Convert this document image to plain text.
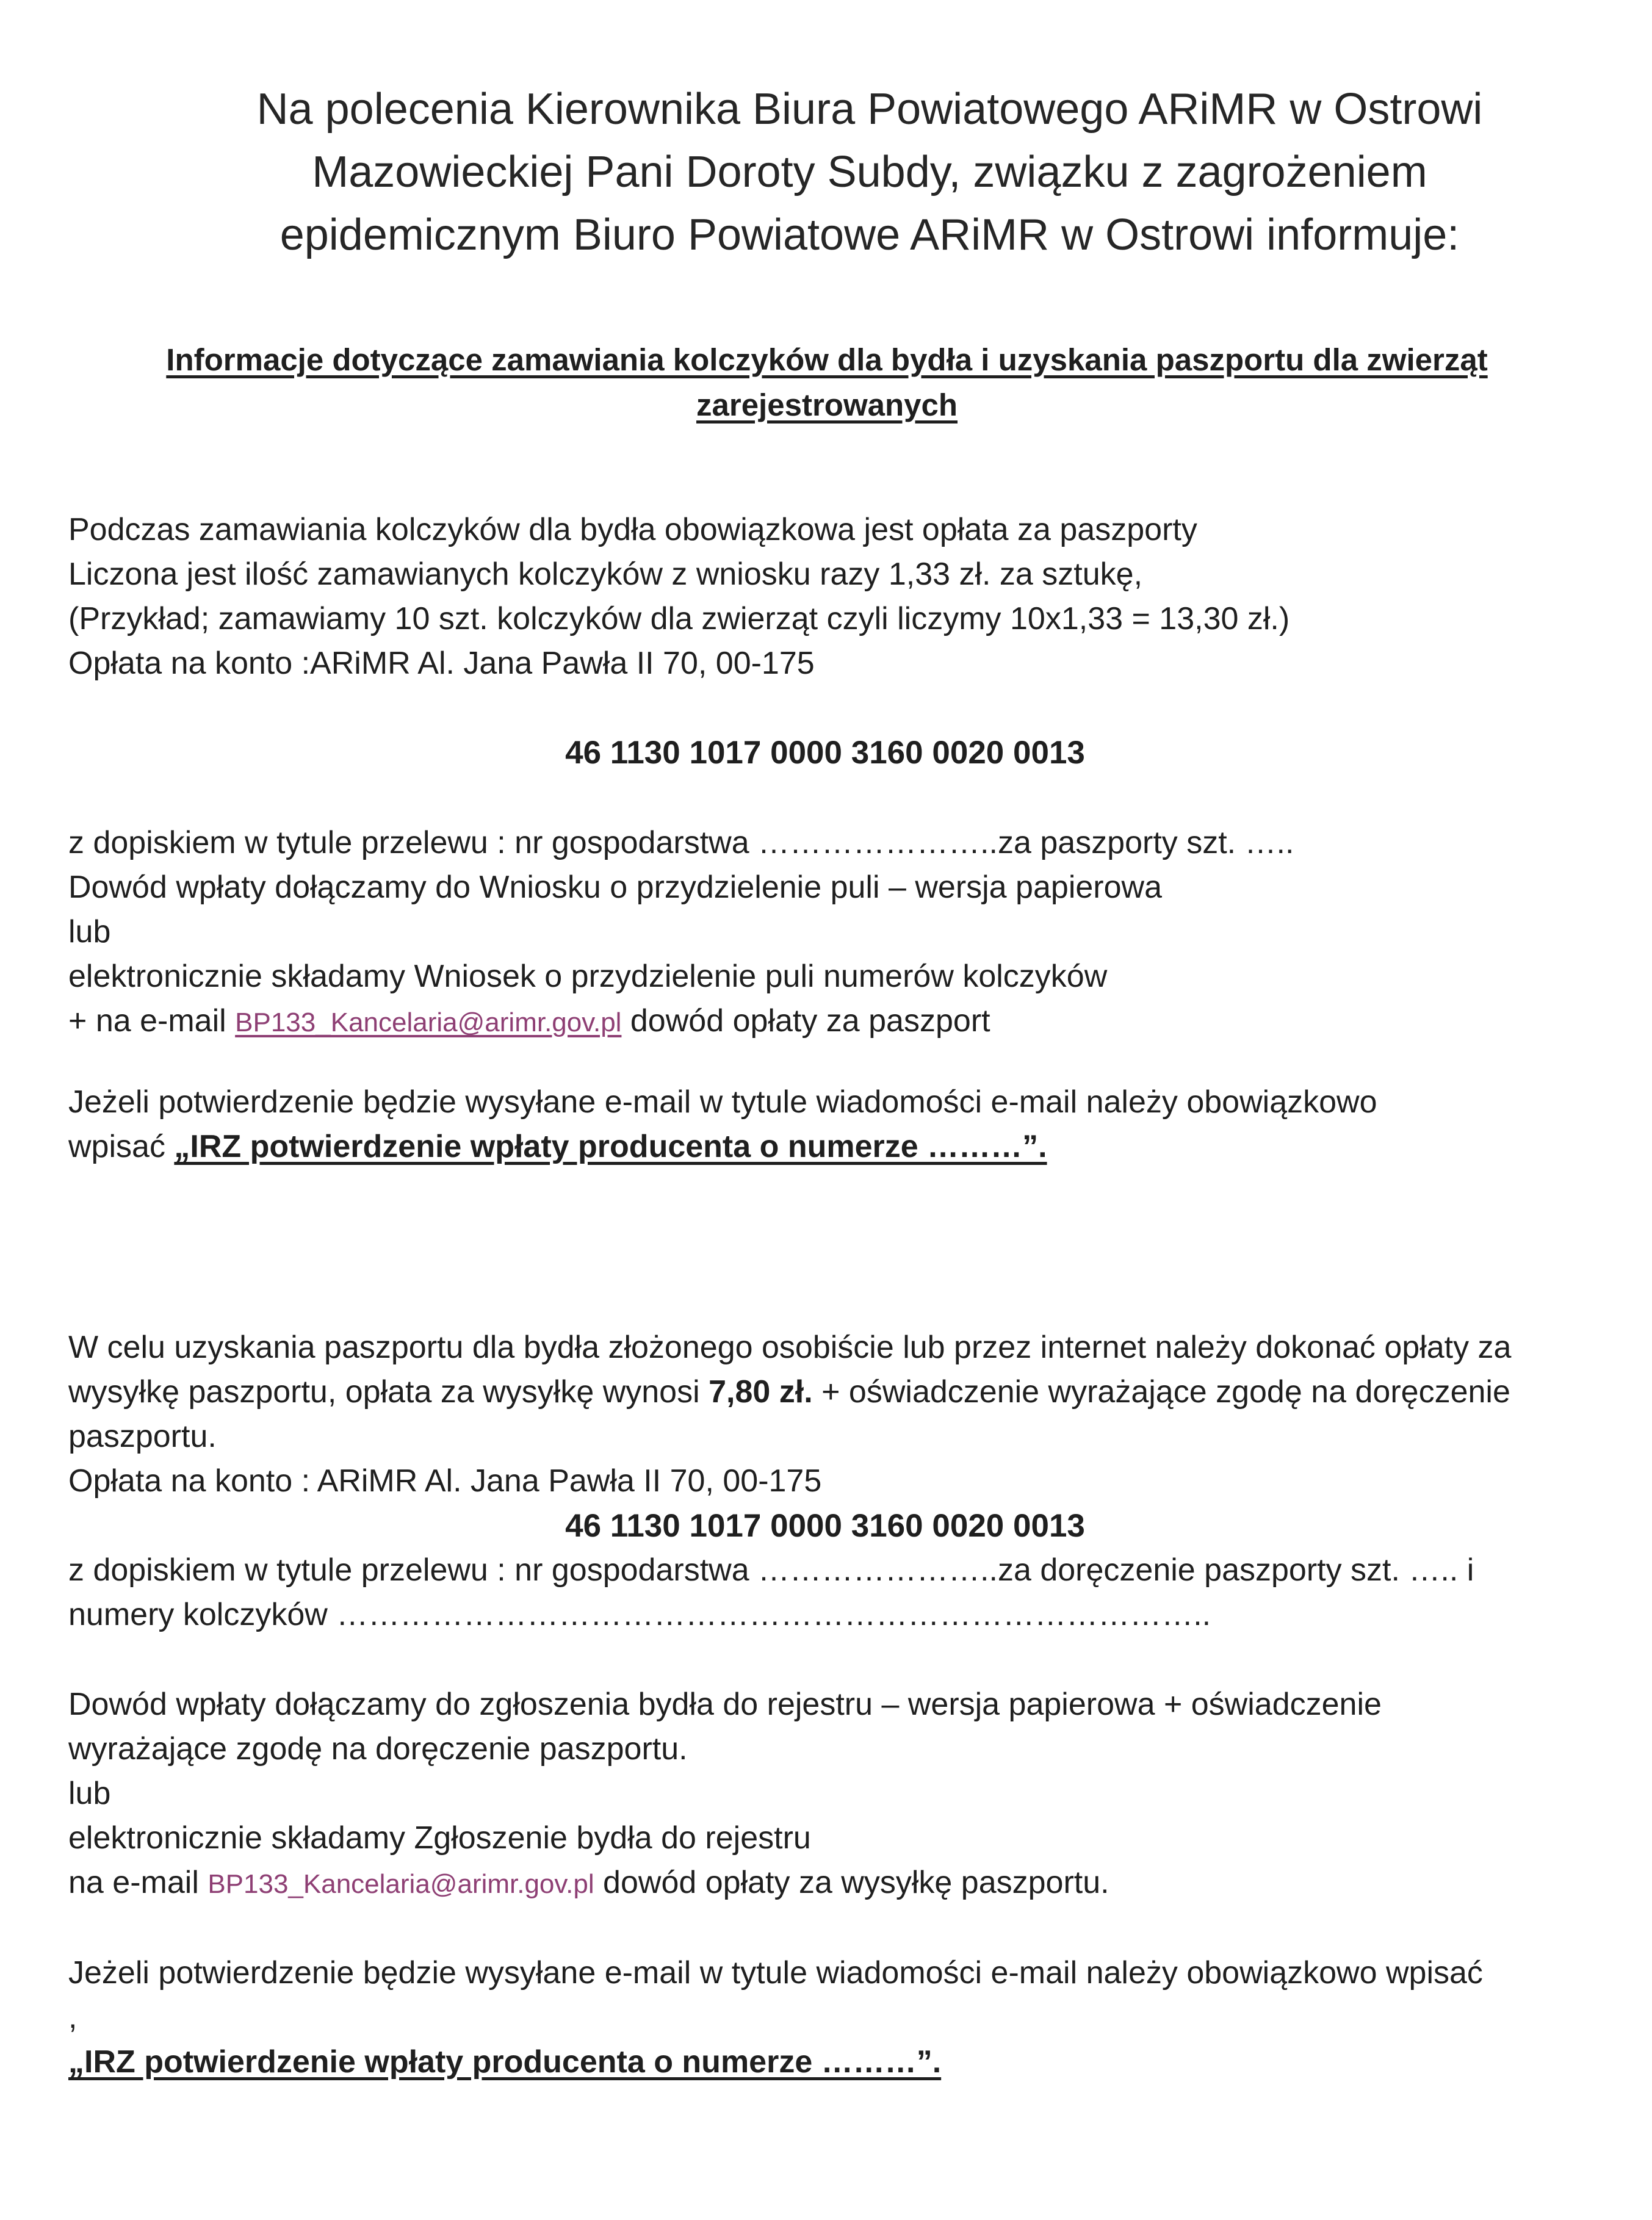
Na polecenia Kierownika Biura Powiatowego ARiMR w Ostrowi
Mazowieckiej Pani Doroty Subdy, związku z zagrożeniem
epidemicznym Biuro Powiatowe ARiMR w Ostrowi informuje:
Informacje dotyczące zamawiania kolczyków dla bydła i uzyskania paszportu dla zwierząt
zarejestrowanych
Podczas zamawiania kolczyków dla bydła obowiązkowa jest opłata za paszporty
Liczona jest ilość zamawianych kolczyków z wniosku razy 1,33 zł. za sztukę,
(Przykład; zamawiamy 10 szt. kolczyków dla zwierząt czyli liczymy 10x1,33 = 13,30 zł.)
Opłata na konto :ARiMR Al. Jana Pawła II 70, 00-175
46 1130 1017 0000 3160 0020 0013
z dopiskiem w tytule przelewu : nr gospodarstwa …………………..za paszporty szt. …..
Dowód wpłaty dołączamy do Wniosku o przydzielenie puli – wersja papierowa
lub
elektronicznie składamy Wniosek o przydzielenie puli numerów kolczyków
+ na e-mail BP133_Kancelaria@arimr.gov.pl dowód opłaty za paszport
Jeżeli potwierdzenie będzie wysyłane e-mail w tytule wiadomości e-mail należy obowiązkowo
wpisać „IRZ potwierdzenie wpłaty producenta o numerze ………”.
W celu uzyskania paszportu dla bydła złożonego osobiście lub przez internet należy dokonać opłaty za
wysyłkę paszportu, opłata za wysyłkę wynosi 7,80 zł. + oświadczenie wyrażające zgodę na doręczenie
paszportu.
Opłata na konto : ARiMR Al. Jana Pawła II 70, 00-175
46 1130 1017 0000 3160 0020 0013
z dopiskiem w tytule przelewu : nr gospodarstwa …………………..za doręczenie paszporty szt. ….. i
numery kolczyków ………………………………………………………………………..
Dowód wpłaty dołączamy do zgłoszenia bydła do rejestru – wersja papierowa + oświadczenie
wyrażające zgodę na doręczenie paszportu.
lub
elektronicznie składamy Zgłoszenie bydła do rejestru
na e-mail BP133_Kancelaria@arimr.gov.pl dowód opłaty za wysyłkę paszportu.
Jeżeli potwierdzenie będzie wysyłane e-mail w tytule wiadomości e-mail należy obowiązkowo wpisać
,
„IRZ potwierdzenie wpłaty producenta o numerze ………”.
